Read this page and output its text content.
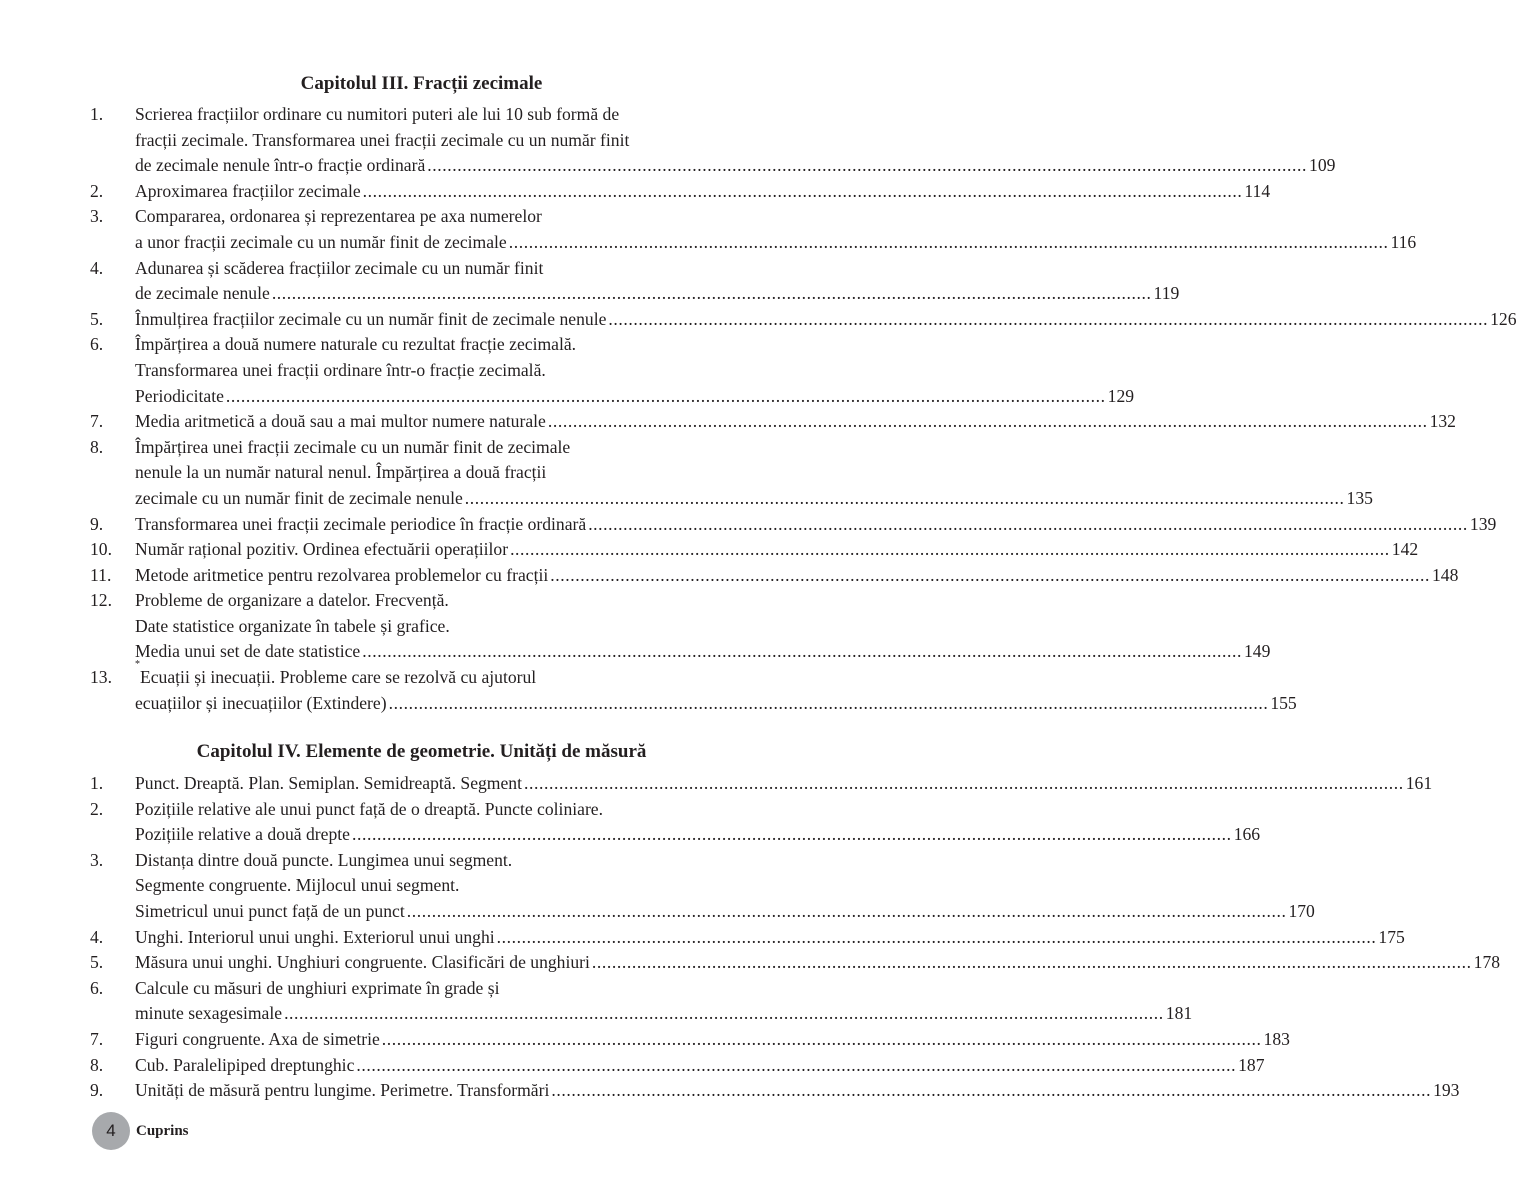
Capitolul III. Fracții zecimale
1.	Scrierea fracțiilor ordinare cu numitori puteri ale lui 10 sub formă de
fracții zecimale. Transformarea unei fracții zecimale cu un număr finit
de zecimale nenule într-o fracție ordinară .....	109
2.	Aproximarea fracțiilor zecimale .....	114
3.	Compararea, ordonarea și reprezentarea pe axa numerelor
a unor fracții zecimale cu un număr finit de zecimale .....	116
4.	Adunarea și scăderea fracțiilor zecimale cu un număr finit
de zecimale nenule .....	119
5.	Înmulțirea fracțiilor zecimale cu un număr finit de zecimale nenule .....	126
6.	Împărțirea a două numere naturale cu rezultat fracție zecimală.
Transformarea unei fracții ordinare într-o fracție zecimală.
Periodicitate .....	129
7.	Media aritmetică a două sau a mai multor numere naturale .....	132
8.	Împărțirea unei fracții zecimale cu un număr finit de zecimale
nenule la un număr natural nenul. Împărțirea a două fracții
zecimale cu un număr finit de zecimale nenule .....	135
9.	Transformarea unei fracții zecimale periodice în fracție ordinară .....	139
10.	Număr rațional pozitiv. Ordinea efectuării operațiilor .....	142
11.	Metode aritmetice pentru rezolvarea problemelor cu fracții .....	148
12.	Probleme de organizare a datelor. Frecvență.
Date statistice organizate în tabele și grafice.
Media unui set de date statistice .....	149
13.
*
Ecuații și inecuații. Probleme care se rezolvă cu ajutorul
ecuațiilor și inecuațiilor (Extindere) .....	155
Capitolul IV. Elemente de geometrie. Unități de măsură
1.	Punct. Dreaptă. Plan. Semiplan. Semidreaptă. Segment .....	161
2.	Pozițiile relative ale unui punct față de o dreaptă. Puncte coliniare.
Pozițiile relative a două drepte .....	166
3.	Distanța dintre două puncte. Lungimea unui segment.
Segmente congruente. Mijlocul unui segment.
Simetricul unui punct față de un punct .....	170
4.	Unghi. Interiorul unui unghi. Exteriorul unui unghi .....	175
5.	Măsura unui unghi. Unghiuri congruente. Clasificări de unghiuri .....	178
6.	Calcule cu măsuri de unghiuri exprimate în grade și
minute sexagesimale .....	181
7.	Figuri congruente. Axa de simetrie .....	183
8.	Cub. Paralelipiped dreptunghic .....	187
9.	Unități de măsură pentru lungime. Perimetre. Transformări .....	193
4	Cuprins
